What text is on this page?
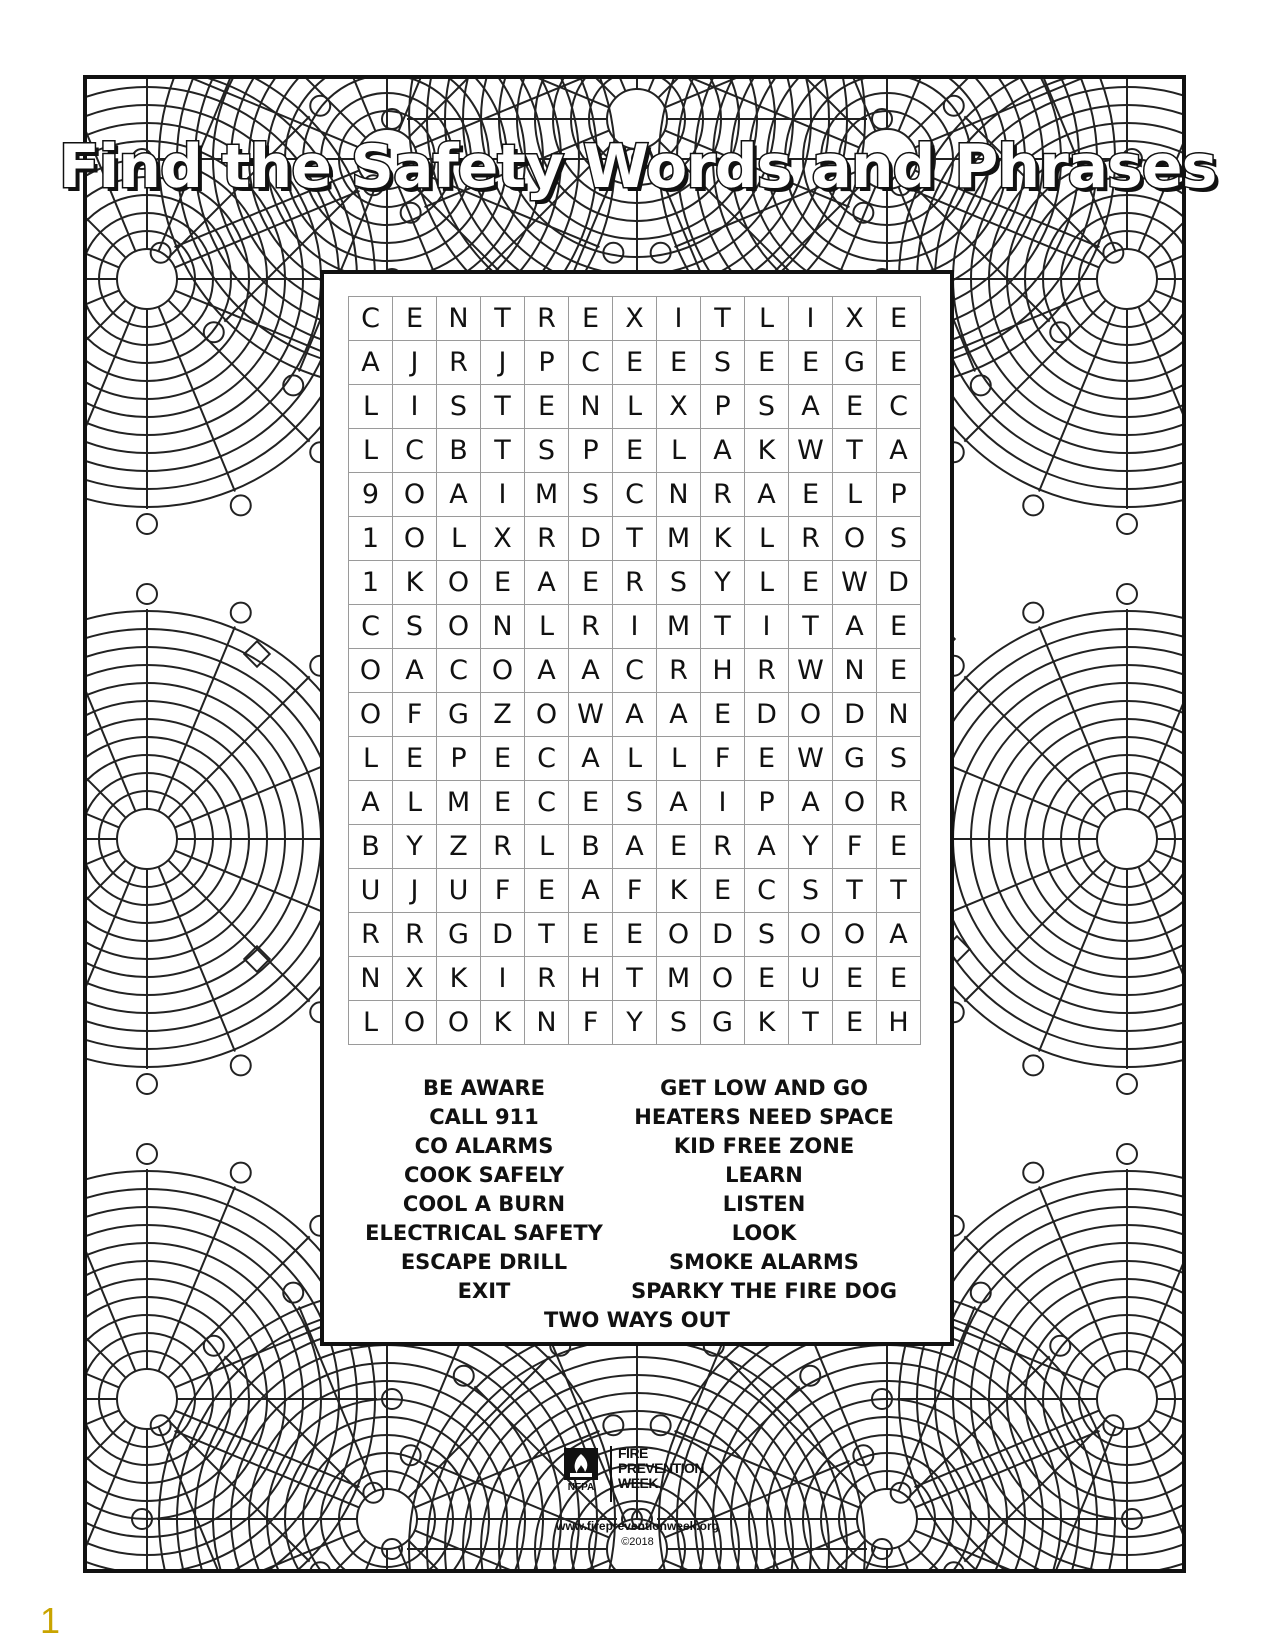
Find the Safety Words and Phrases
C	E	N	T	R	E	X	I	T	L	I	X	E
A	J	R	J	P	C	E	E	S	E	E	G	E
L	I	S	T	E	N	L	X	P	S	A	E	C
L	C	B	T	S	P	E	L	A	K	W	T	A
9	O	A	I	M	S	C	N	R	A	E	L	P
1	O	L	X	R	D	T	M	K	L	R	O	S
1	K	O	E	A	E	R	S	Y	L	E	W	D
C	S	O	N	L	R	I	M	T	I	T	A	E
O	A	C	O	A	A	C	R	H	R	W	N	E
O	F	G	Z	O	W	A	A	E	D	O	D	N
L	E	P	E	C	A	L	L	F	E	W	G	S
A	L	M	E	C	E	S	A	I	P	A	O	R
B	Y	Z	R	L	B	A	E	R	A	Y	F	E
U	J	U	F	E	A	F	K	E	C	S	T	T
R	R	G	D	T	E	E	O	D	S	O	O	A
N	X	K	I	R	H	T	M	O	E	U	E	E
L	O	O	K	N	F	Y	S	G	K	T	E	H
BE AWARE
CALL 911
CO ALARMS
COOK SAFELY
COOL A BURN
ELECTRICAL SAFETY
ESCAPE DRILL
EXIT
GET LOW AND GO
HEATERS NEED SPACE
KID FREE ZONE
LEARN
LISTEN
LOOK
SMOKE ALARMS
SPARKY THE FIRE DOG
TWO WAYS OUT
NFPA
FIRE
PREVENTION
WEEK
www.firepreventionweek.org
©2018
1
